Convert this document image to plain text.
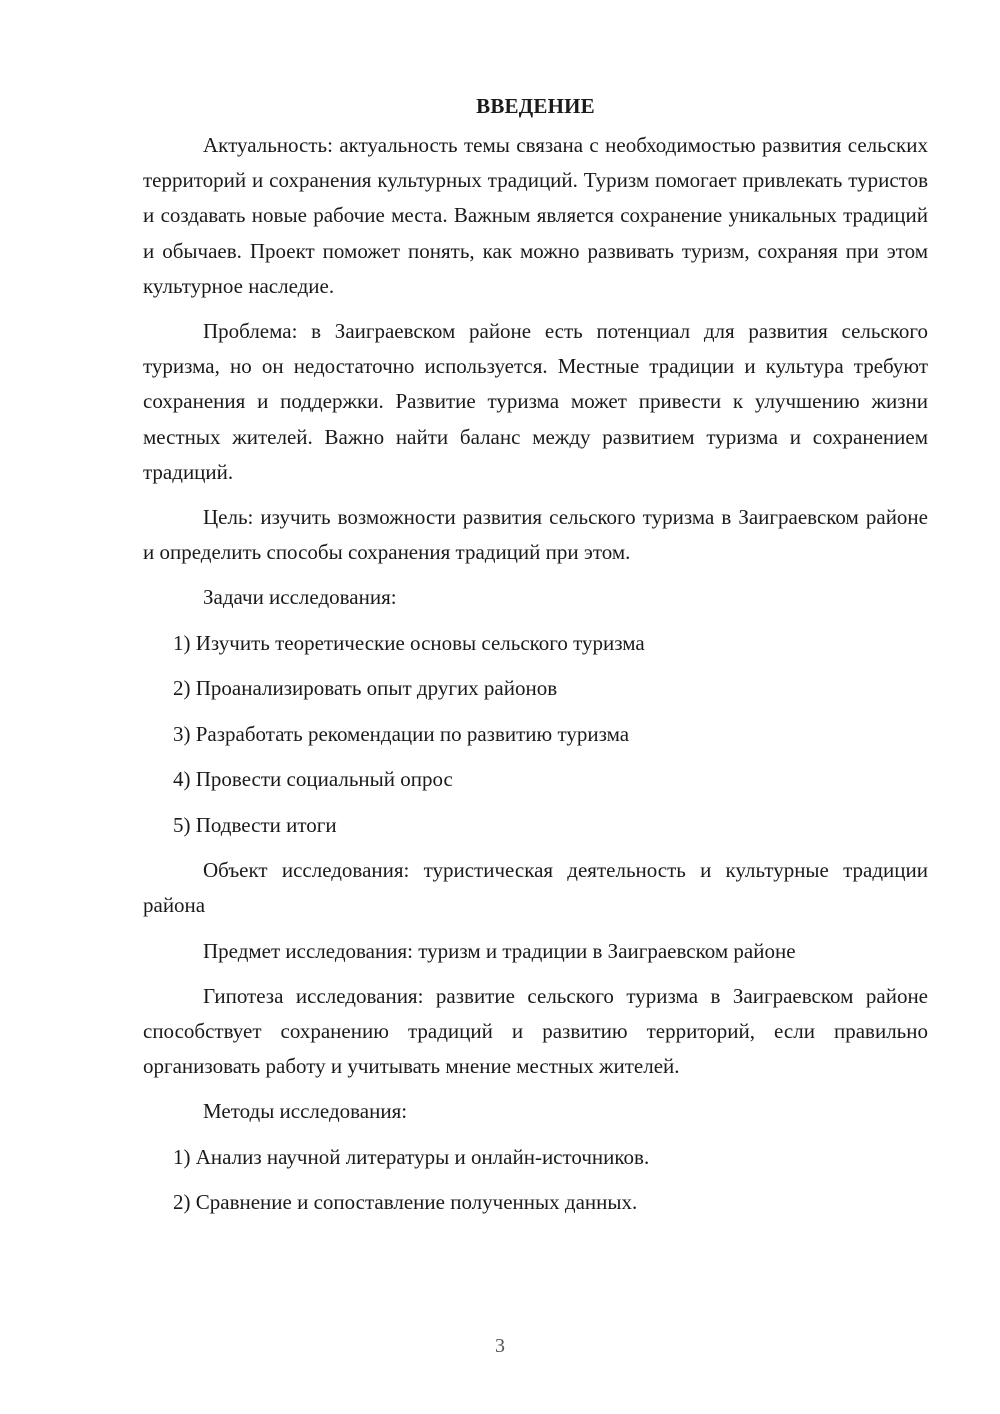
ВВЕДЕНИЕ

Актуальность: актуальность темы связана с необходимостью развития сельских территорий и сохранения культурных традиций. Туризм помогает привлекать туристов и создавать новые рабочие места. Важным является сохранение уникальных традиций и обычаев. Проект поможет понять, как можно развивать туризм, сохраняя при этом культурное наследие.

Проблема: в Заиграевском районе есть потенциал для развития сельского туризма, но он недостаточно используется. Местные традиции и культура требуют сохранения и поддержки. Развитие туризма может привести к улучшению жизни местных жителей. Важно найти баланс между развитием туризма и сохранением традиций.

Цель: изучить возможности развития сельского туризма в Заиграевском районе и определить способы сохранения традиций при этом.

Задачи исследования:

1) Изучить теоретические основы сельского туризма
2) Проанализировать опыт других районов
3) Разработать рекомендации по развитию туризма
4) Провести социальный опрос
5) Подвести итоги

Объект исследования: туристическая деятельность и культурные традиции района

Предмет исследования: туризм и традиции в Заиграевском районе

Гипотеза исследования: развитие сельского туризма в Заиграевском районе способствует сохранению традиций и развитию территорий, если правильно организовать работу и учитывать мнение местных жителей.

Методы исследования:

1) Анализ научной литературы и онлайн-источников.
2) Сравнение и сопоставление полученных данных.
3
